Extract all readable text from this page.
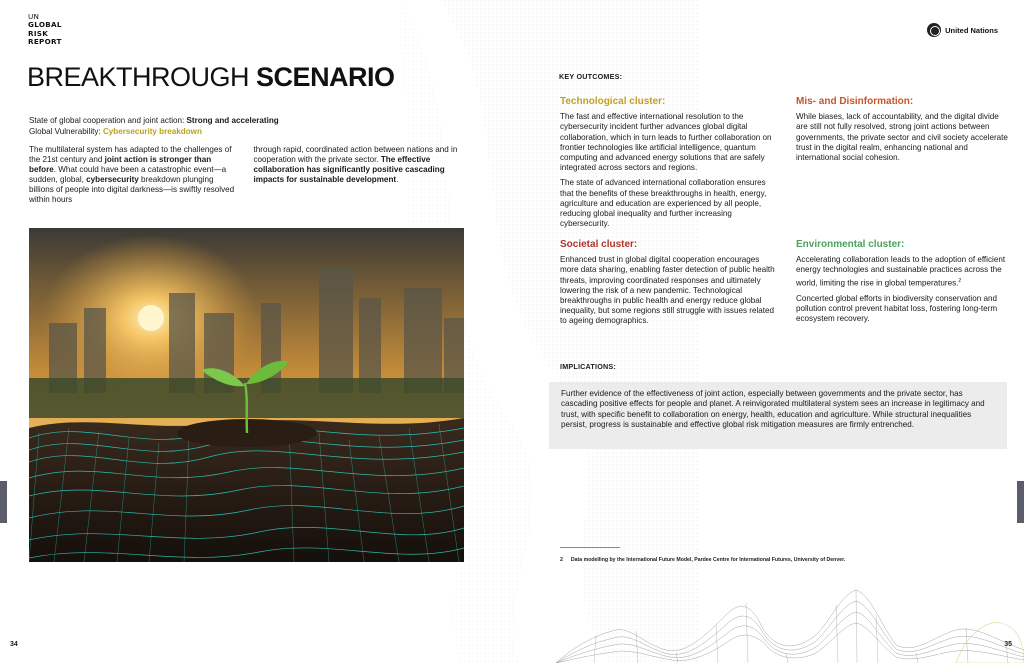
UN
GLOBAL
RISK
REPORT
United Nations
BREAKTHROUGH SCENARIO
State of global cooperation and joint action: Strong and accelerating
Global Vulnerability: Cybersecurity breakdown

The multilateral system has adapted to the challenges of the 21st century and joint action is stronger than before. What could have been a catastrophic event—a sudden, global, cybersecurity breakdown plunging billions of people into digital darkness—is swiftly resolved within hours

through rapid, coordinated action between nations and in cooperation with the private sector. The effective collaboration has significantly positive cascading impacts for sustainable development.

34	35
KEY OUTCOMES:
Technological cluster:

The fast and effective international resolution to the cybersecurity incident further advances global digital collaboration, which in turn leads to further collaboration on frontier technologies like artificial intelligence, quantum computing and advanced energy solutions that are safely integrated across sectors and regions.

The state of advanced international collaboration ensures that the benefits of these breakthroughs in health, energy, agriculture and education are experienced by all people, reducing global inequality and further increasing cybersecurity.

Mis- and Disinformation:

While biases, lack of accountability, and the digital divide are still not fully resolved, strong joint actions between governments, the private sector and civil society accelerate trust in the digital realm, enhancing national and international social cohesion.

Societal cluster:

Enhanced trust in global digital cooperation encourages more data sharing, enabling faster detection of public health threats, improving coordinated responses and ultimately lowering the risk of a new pandemic. Technological breakthroughs in public health and energy reduce global inequality, but some regions still struggle with issues related to ageing demographics.

Environmental cluster:

Accelerating collaboration leads to the adoption of efficient energy technologies and sustainable practices across the world, limiting the rise in global temperatures.$^2$

Concerted global efforts in biodiversity conservation and pollution control prevent habitat loss, fostering long-term ecosystem recovery.

IMPLICATIONS:

Further evidence of the effectiveness of joint action, especially between governments and the private sector, has cascading positive effects for people and planet. A reinvigorated multilateral system sees an increase in legitimacy and trust, with specific benefit to collaboration on energy, health, education and agriculture. While structural inequalities persist, progress is sustainable and effective global risk mitigation measures are firmly entrenched.

2 Data modelling by the International Future Model, Pardee Centre for International Futures, University of Denver.
